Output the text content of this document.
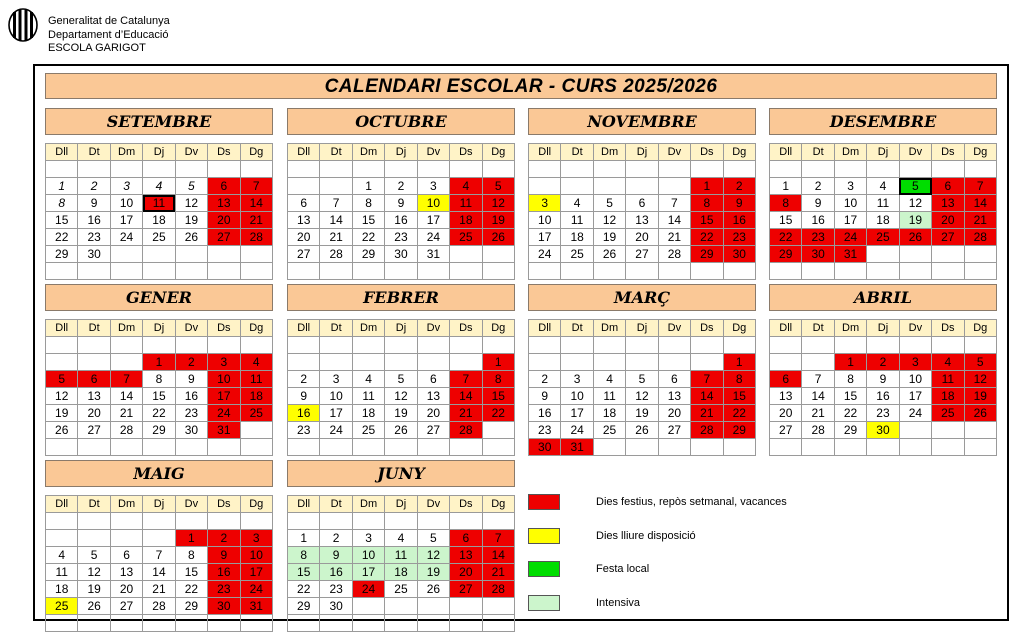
Generalitat de Catalunya
Departament d’Educació
ESCOLA GARIGOT
CALENDARI ESCOLAR - CURS 2025/2026
SETEMBRE
Dll	Dt	Dm	Dj	Dv	Ds	Dg

1	2	3	4	5	6	7
8	9	10	11	12	13	14
15	16	17	18	19	20	21
22	23	24	25	26	27	28
29	30					

OCTUBRE
Dll	Dt	Dm	Dj	Dv	Ds	Dg

		1	2	3	4	5
6	7	8	9	10	11	12
13	14	15	16	17	18	19
20	21	22	23	24	25	26
27	28	29	30	31		

NOVEMBRE
Dll	Dt	Dm	Dj	Dv	Ds	Dg

					1	2
3	4	5	6	7	8	9
10	11	12	13	14	15	16
17	18	19	20	21	22	23
24	25	26	27	28	29	30

DESEMBRE
Dll	Dt	Dm	Dj	Dv	Ds	Dg

1	2	3	4	5	6	7
8	9	10	11	12	13	14
15	16	17	18	19	20	21
22	23	24	25	26	27	28
29	30	31				

GENER
Dll	Dt	Dm	Dj	Dv	Ds	Dg

			1	2	3	4
5	6	7	8	9	10	11
12	13	14	15	16	17	18
19	20	21	22	23	24	25
26	27	28	29	30	31	

FEBRER
Dll	Dt	Dm	Dj	Dv	Ds	Dg

						1
2	3	4	5	6	7	8
9	10	11	12	13	14	15
16	17	18	19	20	21	22
23	24	25	26	27	28	

MARÇ
Dll	Dt	Dm	Dj	Dv	Ds	Dg

						1
2	3	4	5	6	7	8
9	10	11	12	13	14	15
16	17	18	19	20	21	22
23	24	25	26	27	28	29
30	31					
ABRIL
Dll	Dt	Dm	Dj	Dv	Ds	Dg

		1	2	3	4	5
6	7	8	9	10	11	12
13	14	15	16	17	18	19
20	21	22	23	24	25	26
27	28	29	30			

MAIG
Dll	Dt	Dm	Dj	Dv	Ds	Dg

				1	2	3
4	5	6	7	8	9	10
11	12	13	14	15	16	17
18	19	20	21	22	23	24
25	26	27	28	29	30	31

JUNY
Dll	Dt	Dm	Dj	Dv	Ds	Dg

1	2	3	4	5	6	7
8	9	10	11	12	13	14
15	16	17	18	19	20	21
22	23	24	25	26	27	28
29	30					

Dies festius, repòs setmanal, vacances
Dies lliure disposició
Festa local
Intensiva
